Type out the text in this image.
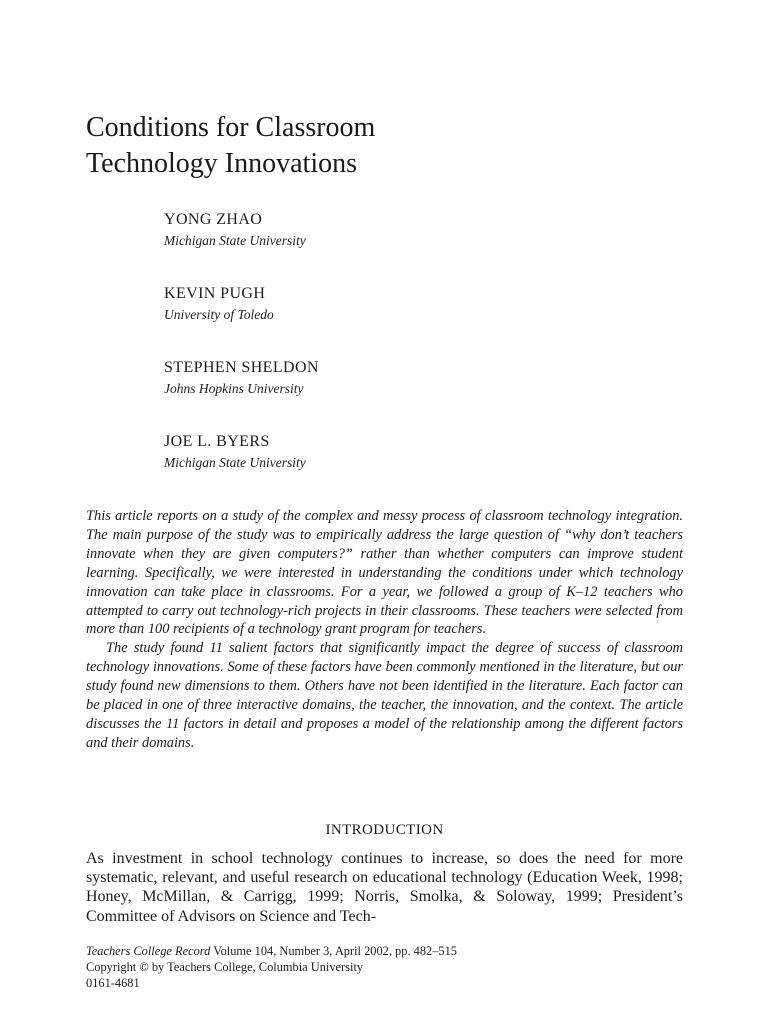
Conditions for Classroom
Technology Innovations
YONG ZHAO
Michigan State University
KEVIN PUGH
University of Toledo
STEPHEN SHELDON
Johns Hopkins University
JOE L. BYERS
Michigan State University

This article reports on a study of the complex and messy process of classroom technology integration. The main purpose of the study was to empirically address the large question of “why don’t teachers innovate when they are given computers?” rather than whether computers can improve student learning. Specifically, we were interested in understanding the conditions under which technology innovation can take place in classrooms. For a year, we followed a group of K–12 teachers who attempted to carry out technology-rich projects in their classrooms. These teachers were selected from more than 100 recipients of a technology grant program for teachers.

The study found 11 salient factors that significantly impact the degree of success of classroom technology innovations. Some of these factors have been commonly mentioned in the literature, but our study found new dimensions to them. Others have not been identified in the literature. Each factor can be placed in one of three interactive domains, the teacher, the innovation, and the context. The article discusses the 11 factors in detail and proposes a model of the relationship among the different factors and their domains.

INTRODUCTION

As investment in school technology continues to increase, so does the need for more systematic, relevant, and useful research on educational technology (Education Week, 1998; Honey, McMillan, & Carrigg, 1999; Norris, Smolka, & Soloway, 1999; President’s Committee of Advisors on Science and Tech-

Teachers College Record Volume 104, Number 3, April 2002, pp. 482–515
Copyright © by Teachers College, Columbia University
0161-4681
